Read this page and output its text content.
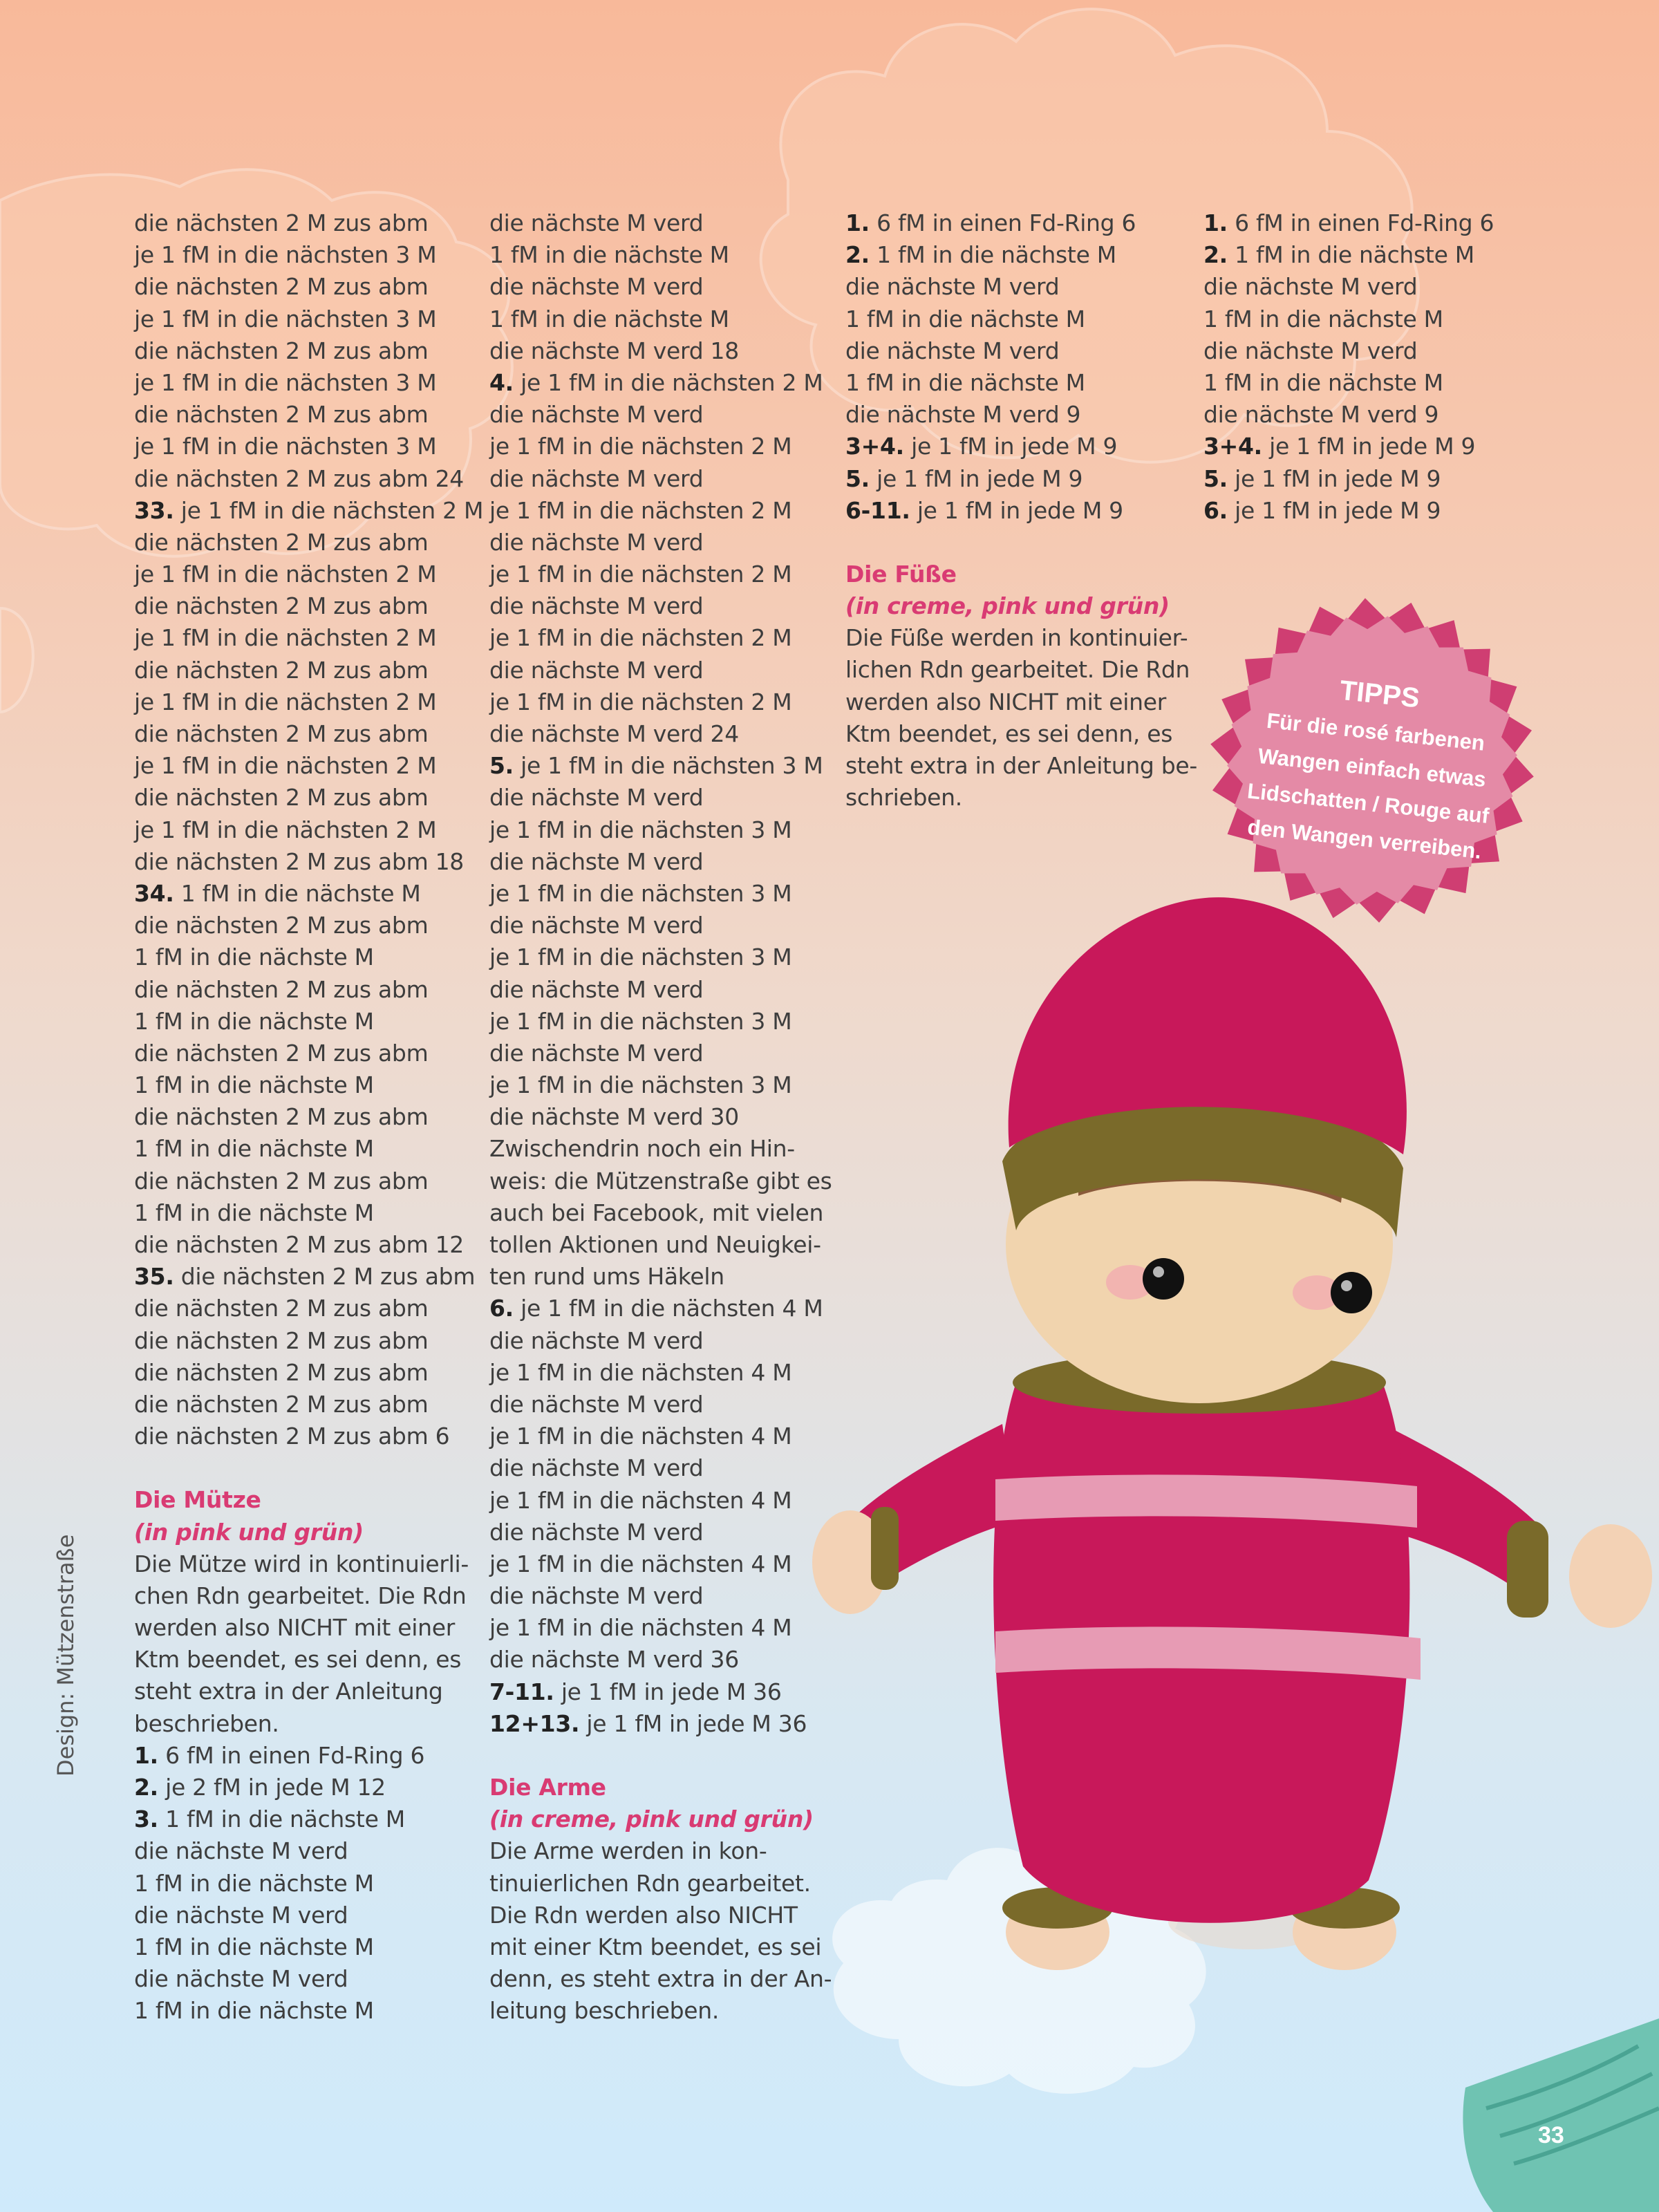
die nächsten 2 M zus abm
je 1 fM in die nächsten 3 M
die nächsten 2 M zus abm
je 1 fM in die nächsten 3 M
die nächsten 2 M zus abm
je 1 fM in die nächsten 3 M
die nächsten 2 M zus abm
je 1 fM in die nächsten 3 M
die nächsten 2 M zus abm 24
33. je 1 fM in die nächsten 2 M
die nächsten 2 M zus abm
je 1 fM in die nächsten 2 M
die nächsten 2 M zus abm
je 1 fM in die nächsten 2 M
die nächsten 2 M zus abm
je 1 fM in die nächsten 2 M
die nächsten 2 M zus abm
je 1 fM in die nächsten 2 M
die nächsten 2 M zus abm
je 1 fM in die nächsten 2 M
die nächsten 2 M zus abm 18
34. 1 fM in die nächste M
die nächsten 2 M zus abm
1 fM in die nächste M
die nächsten 2 M zus abm
1 fM in die nächste M
die nächsten 2 M zus abm
1 fM in die nächste M
die nächsten 2 M zus abm
1 fM in die nächste M
die nächsten 2 M zus abm
1 fM in die nächste M
die nächsten 2 M zus abm 12
35. die nächsten 2 M zus abm
die nächsten 2 M zus abm
die nächsten 2 M zus abm
die nächsten 2 M zus abm
die nächsten 2 M zus abm
die nächsten 2 M zus abm 6
Die Mütze
(in pink und grün)
Die Mütze wird in kontinuierli-
chen Rdn gearbeitet. Die Rdn
werden also NICHT mit einer
Ktm beendet, es sei denn, es
steht extra in der Anleitung
beschrieben.
1. 6 fM in einen Fd-Ring 6
2. je 2 fM in jede M 12
3. 1 fM in die nächste M
die nächste M verd
1 fM in die nächste M
die nächste M verd
1 fM in die nächste M
die nächste M verd
1 fM in die nächste M
die nächste M verd
1 fM in die nächste M
die nächste M verd
1 fM in die nächste M
die nächste M verd 18
4. je 1 fM in die nächsten 2 M
die nächste M verd
je 1 fM in die nächsten 2 M
die nächste M verd
je 1 fM in die nächsten 2 M
die nächste M verd
je 1 fM in die nächsten 2 M
die nächste M verd
je 1 fM in die nächsten 2 M
die nächste M verd
je 1 fM in die nächsten 2 M
die nächste M verd 24
5. je 1 fM in die nächsten 3 M
die nächste M verd
je 1 fM in die nächsten 3 M
die nächste M verd
je 1 fM in die nächsten 3 M
die nächste M verd
je 1 fM in die nächsten 3 M
die nächste M verd
je 1 fM in die nächsten 3 M
die nächste M verd
je 1 fM in die nächsten 3 M
die nächste M verd 30
Zwischendrin noch ein Hin-
weis: die Mützenstraße gibt es
auch bei Facebook, mit vielen
tollen Aktionen und Neuigkei-
ten rund ums Häkeln
6. je 1 fM in die nächsten 4 M
die nächste M verd
je 1 fM in die nächsten 4 M
die nächste M verd
je 1 fM in die nächsten 4 M
die nächste M verd
je 1 fM in die nächsten 4 M
die nächste M verd
je 1 fM in die nächsten 4 M
die nächste M verd
je 1 fM in die nächsten 4 M
die nächste M verd 36
7-11. je 1 fM in jede M 36
12+13. je 1 fM in jede M 36
Die Arme
(in creme, pink und grün)
Die Arme werden in kon-
tinuierlichen Rdn gearbeitet.
Die Rdn werden also NICHT
mit einer Ktm beendet, es sei
denn, es steht extra in der An-
leitung beschrieben.
1. 6 fM in einen Fd-Ring 6
2. 1 fM in die nächste M
die nächste M verd
1 fM in die nächste M
die nächste M verd
1 fM in die nächste M
die nächste M verd 9
3+4. je 1 fM in jede M 9
5. je 1 fM in jede M 9
6-11. je 1 fM in jede M 9
Die Füße
(in creme, pink und grün)
Die Füße werden in kontinuier-
lichen Rdn gearbeitet. Die Rdn
werden also NICHT mit einer
Ktm beendet, es sei denn, es
steht extra in der Anleitung be-
schrieben.
1. 6 fM in einen Fd-Ring 6
2. 1 fM in die nächste M
die nächste M verd
1 fM in die nächste M
die nächste M verd
1 fM in die nächste M
die nächste M verd 9
3+4. je 1 fM in jede M 9
5. je 1 fM in jede M 9
6. je 1 fM in jede M 9
Design: Mützenstraße
TIPPS
Für die rosé farbenen
Wangen einfach etwas
Lidschatten / Rouge auf
den Wangen verreiben.
33
